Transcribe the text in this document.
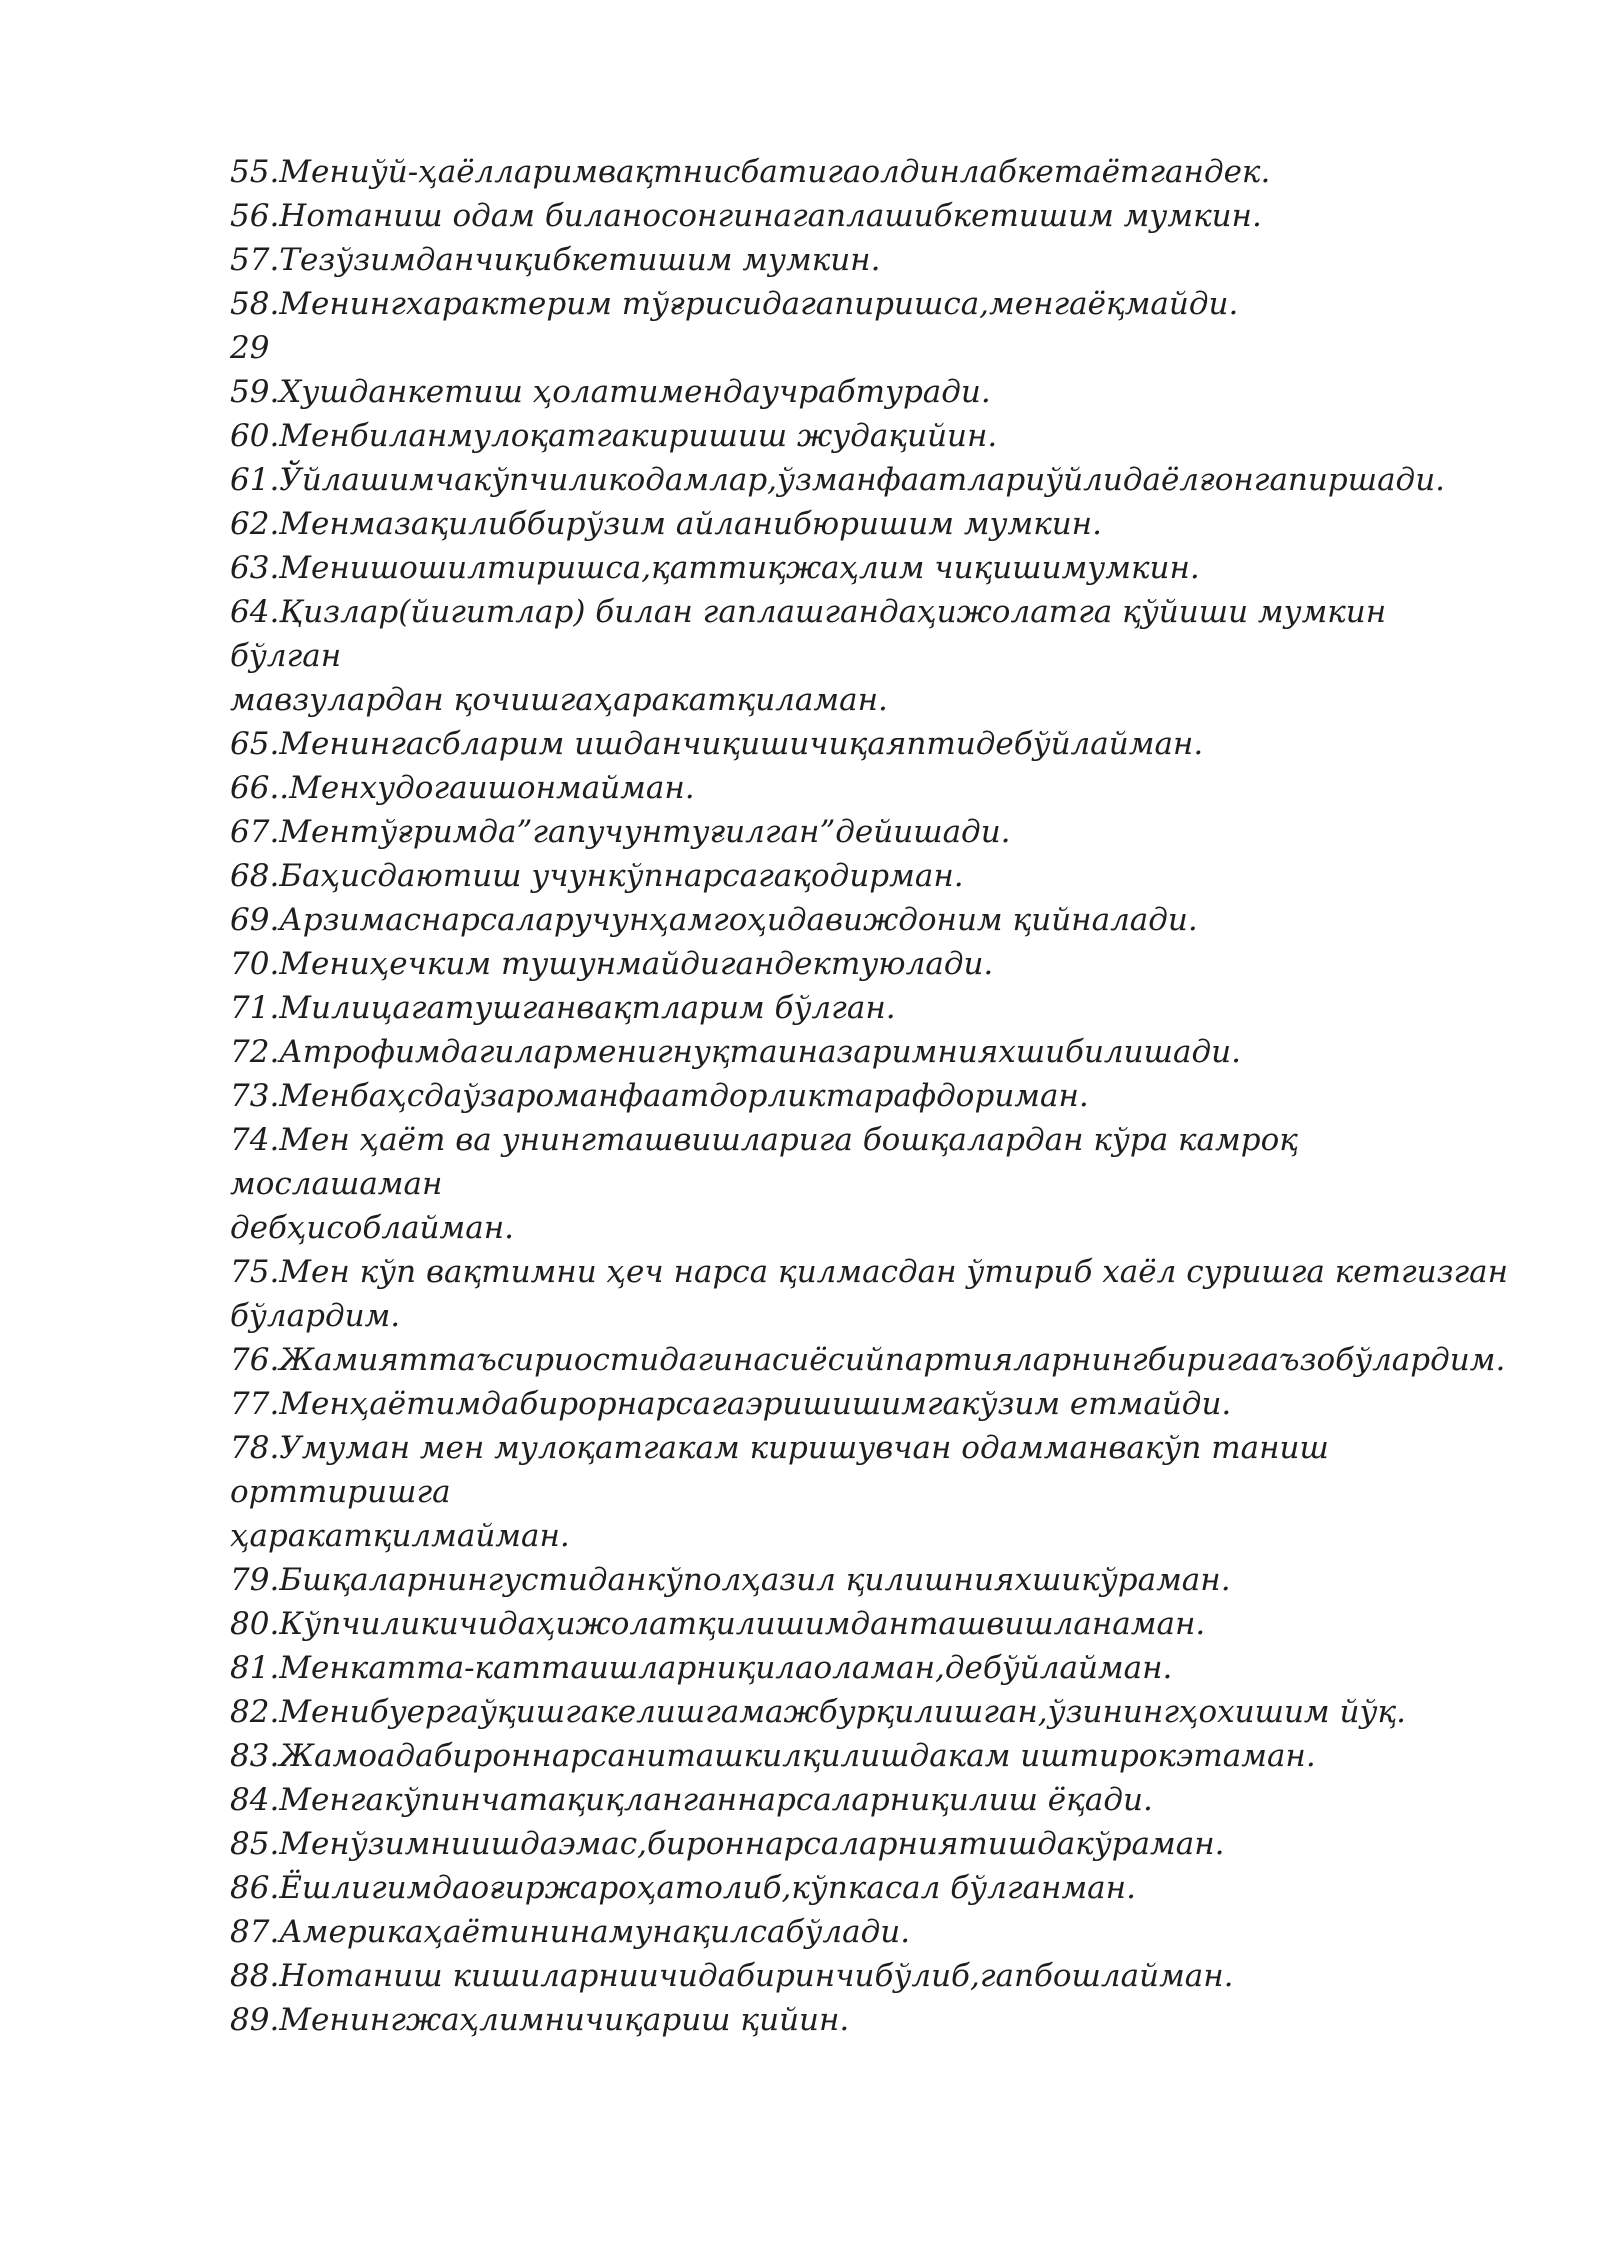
55.Мениўй-ҳаёлларимвақтнисбатигаолдинлабкетаётгандек.
56.Нотаниш одам биланосонгинагаплашибкетишим мумкин.
57.Тезўзимданчиқибкетишим мумкин.
58.Менингхарактерим тўғрисидагапиришса,менгаёқмайди.
29
59.Хушданкетиш ҳолатимендаучрабтуради.
60.Менбиланмулоқатгакиришиш жудақийин.
61.Ўйлашимчакўпчиликодамлар,ўзманфаатлариўйлидаёлғонгапиршади.
62.Менмазақилиббирўзим айланибюришим мумкин.
63.Менишошилтиришса,қаттиқжаҳлим чиқишимумкин.
64.Қизлар(йигитлар) билан гаплашгандаҳижолатга қўйиши мумкин
бўлган
мавзулардан қочишгаҳаракатқиламан.
65.Менингасбларим ишданчиқишичиқаяптидебўйлайман.
66..Менхудогаишонмайман.
67.Ментўғримда”гапучунтуғилган”дейишади.
68.Баҳисдаютиш учункўпнарсагақодирман.
69.Арзимаснарсаларучунҳамгоҳидавиждоним қийналади.
70.Мениҳечким тушунмайдигандектуюлади.
71.Милицагатушганвақтларим бўлган.
72.Атрофимдагиларменигнуқтаиназаримнияхшибилишади.
73.Менбаҳсдаўзароманфаатдорликтарафдориман.
74.Мен ҳаёт ва унингташвишларига бошқалардан кўра камроқ
мослашаман
дебҳисоблайман.
75.Мен кўп вақтимни ҳеч нарса қилмасдан ўтириб хаёл суришга кетгизган
бўлардим.
76.Жамияттаъсириостидагинасиёсийпартияларнингбиригааъзобўлардим.
77.Менҳаётимдабирорнарсагаэришишимгакўзим етмайди.
78.Умуман мен мулоқатгакам киришувчан одамманвакўп таниш
орттиришга
ҳаракатқилмайман.
79.Бшқаларнингустиданкўполҳазил қилишнияхшикўраман.
80.Кўпчиликичидаҳижолатқилишимданташвишланаман.
81.Менкатта-каттаишларниқилаоламан,дебўйлайман.
82.Менибуергаўқишгакелишгамажбурқилишган,ўзинингҳохишим йўқ.
83.Жамоадабироннарсаниташкилқилишдакам иштирокэтаман.
84.Менгакўпинчатақиқланганнарсаларниқилиш ёқади.
85.Менўзимниишдаэмас,бироннарсаларниятишдакўраман.
86.Ёшлигимдаоғиржароҳатолиб,кўпкасал бўлганман.
87.Америкаҳаётининамунақилсабўлади.
88.Нотаниш кишиларниичидабиринчибўлиб,гапбошлайман.
89.Менингжаҳлимничиқариш қийин.
